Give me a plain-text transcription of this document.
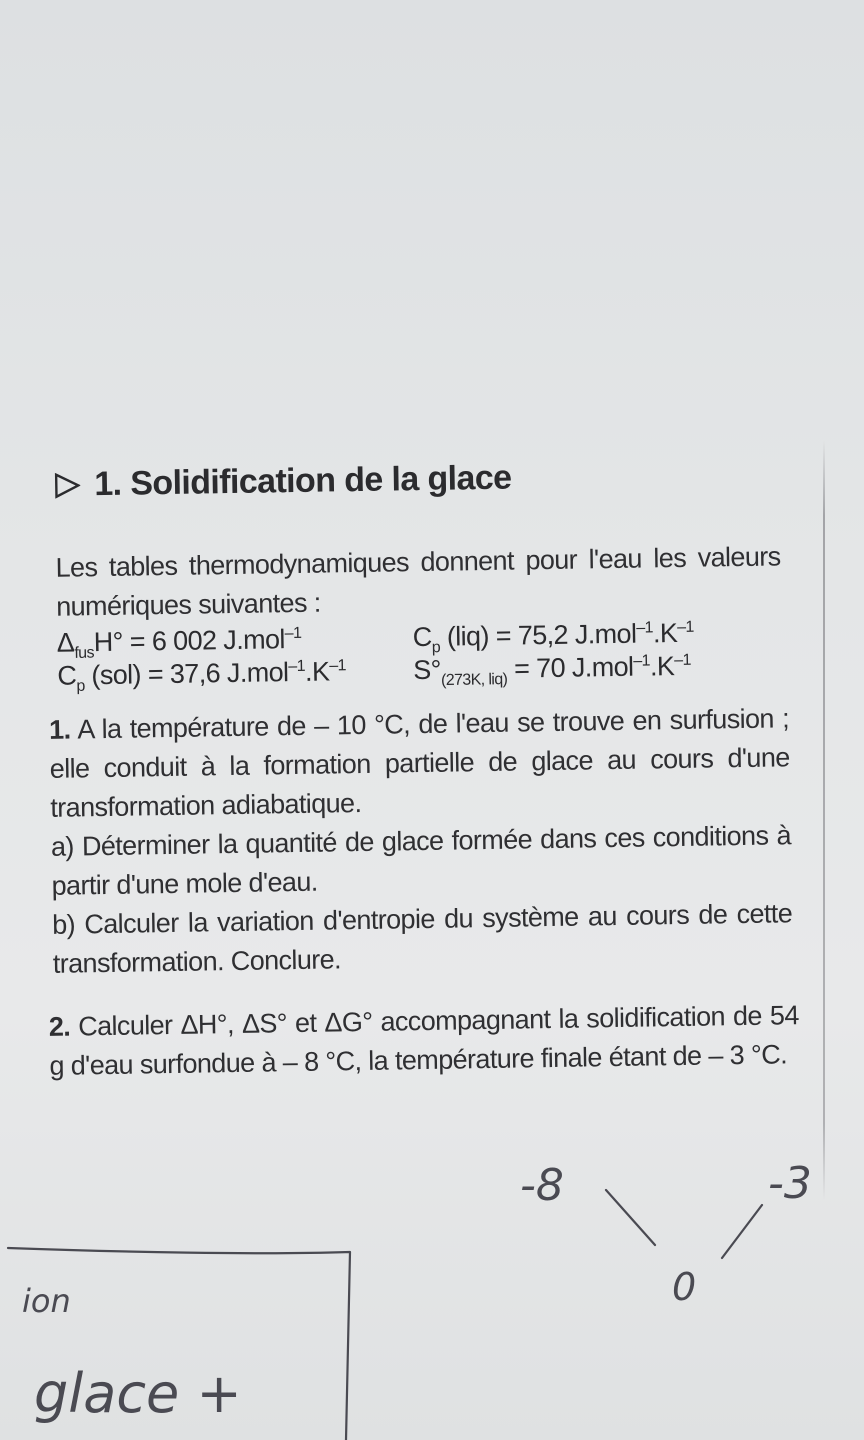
1. Solidification de la glace
Les tables thermodynamiques donnent pour l'eau les valeurs numériques suivantes :
$\Delta_{fus}H^\circ = 6$ 002 J.mol$^{-1}$	$C_p$ (liq) = 75,2 $J.mol^{-1}.K^{-1}$
$C_p$ (sol) = 37,6 $J.mol^{-1}.K^{-1}$	$S^\circ_{(273K, liq)} = 70$ $J.mol^{-1}.K^{-1}$
1. A la température de – 10 °C, de l'eau se trouve en surfusion ; elle conduit à la formation partielle de glace au cours d'une transformation adiabatique.
a) Déterminer la quantité de glace formée dans ces conditions à partir d'une mole d'eau.
b) Calculer la variation d'entropie du système au cours de cette transformation. Conclure.
2. Calculer ΔH°, ΔS° et ΔG° accompagnant la solidification de 54 g d'eau surfondue à – 8 °C, la température finale étant de – 3 °C.
-8	-3
0
ion
glace +
